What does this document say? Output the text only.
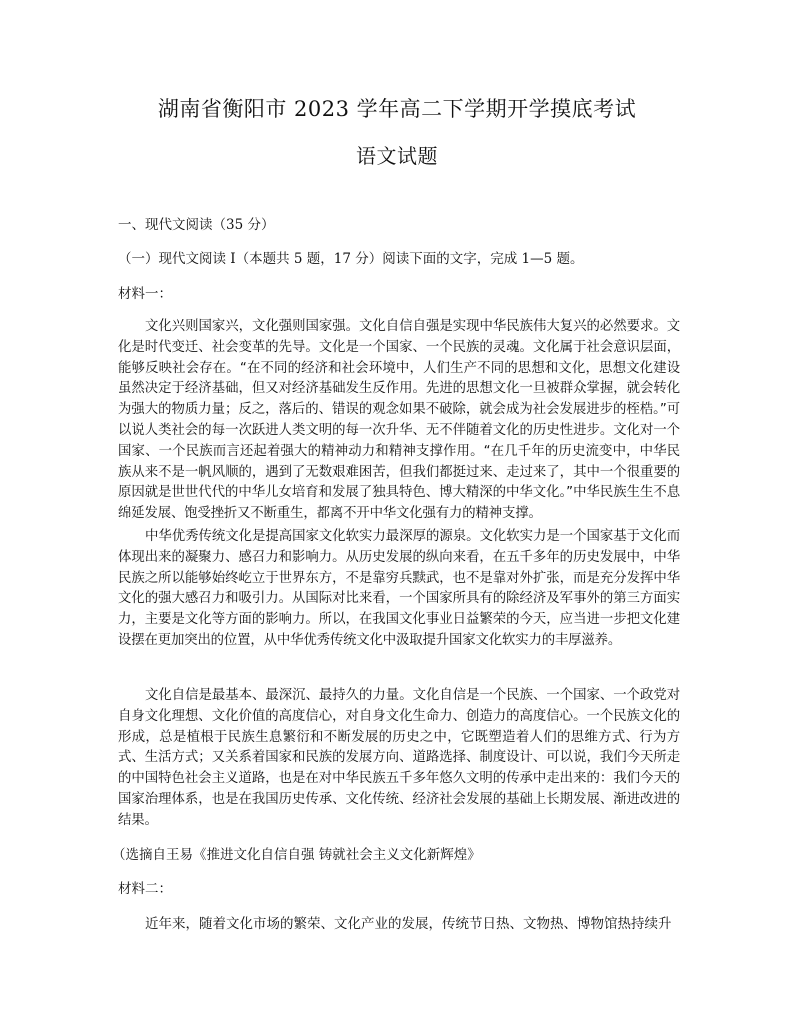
湖南省衡阳市 2023 学年高二下学期开学摸底考试
语文试题
一、现代文阅读（35 分）
（一）现代文阅读 I（本题共 5 题，17 分）阅读下面的文字，完成 1—5 题。
材料一：
文化兴则国家兴，文化强则国家强。文化自信自强是实现中华民族伟大复兴的必然要求。文化是时代变迁、社会变革的先导。文化是一个国家、一个民族的灵魂。文化属于社会意识层面，能够反映社会存在。“在不同的经济和社会环境中，人们生产不同的思想和文化，思想文化建设虽然决定于经济基础，但又对经济基础发生反作用。先进的思想文化一旦被群众掌握，就会转化为强大的物质力量；反之，落后的、错误的观念如果不破除，就会成为社会发展进步的桎梏。”可以说人类社会的每一次跃进人类文明的每一次升华、无不伴随着文化的历史性进步。文化对一个国家、一个民族而言还起着强大的精神动力和精神支撑作用。“在几千年的历史流变中，中华民族从来不是一帆风顺的，遇到了无数艰难困苦，但我们都挺过来、走过来了，其中一个很重要的原因就是世世代代的中华儿女培育和发展了独具特色、博大精深的中华文化。”中华民族生生不息绵延发展、饱受挫折又不断重生，都离不开中华文化强有力的精神支撑。
中华优秀传统文化是提高国家文化软实力最深厚的源泉。文化软实力是一个国家基于文化而体现出来的凝聚力、感召力和影响力。从历史发展的纵向来看，在五千多年的历史发展中，中华民族之所以能够始终屹立于世界东方，不是靠穷兵黩武，也不是靠对外扩张，而是充分发挥中华文化的强大感召力和吸引力。从国际对比来看，一个国家所具有的除经济及军事外的第三方面实力，主要是文化等方面的影响力。所以，在我国文化事业日益繁荣的今天，应当进一步把文化建设摆在更加突出的位置，从中华优秀传统文化中汲取提升国家文化软实力的丰厚滋养。
文化自信是最基本、最深沉、最持久的力量。文化自信是一个民族、一个国家、一个政党对自身文化理想、文化价值的高度信心，对自身文化生命力、创造力的高度信心。一个民族文化的形成，总是植根于民族生息繁衍和不断发展的历史之中，它既塑造着人们的思维方式、行为方式、生活方式；又关系着国家和民族的发展方向、道路选择、制度设计、可以说，我们今天所走的中国特色社会主义道路，也是在对中华民族五千多年悠久文明的传承中走出来的：我们今天的国家治理体系，也是在我国历史传承、文化传统、经济社会发展的基础上长期发展、渐进改进的结果。
（选摘自王易《推进文化自信自强 铸就社会主义文化新辉煌》
材料二：
近年来，随着文化市场的繁荣、文化产业的发展，传统节日热、文物热、博物馆热持续升
